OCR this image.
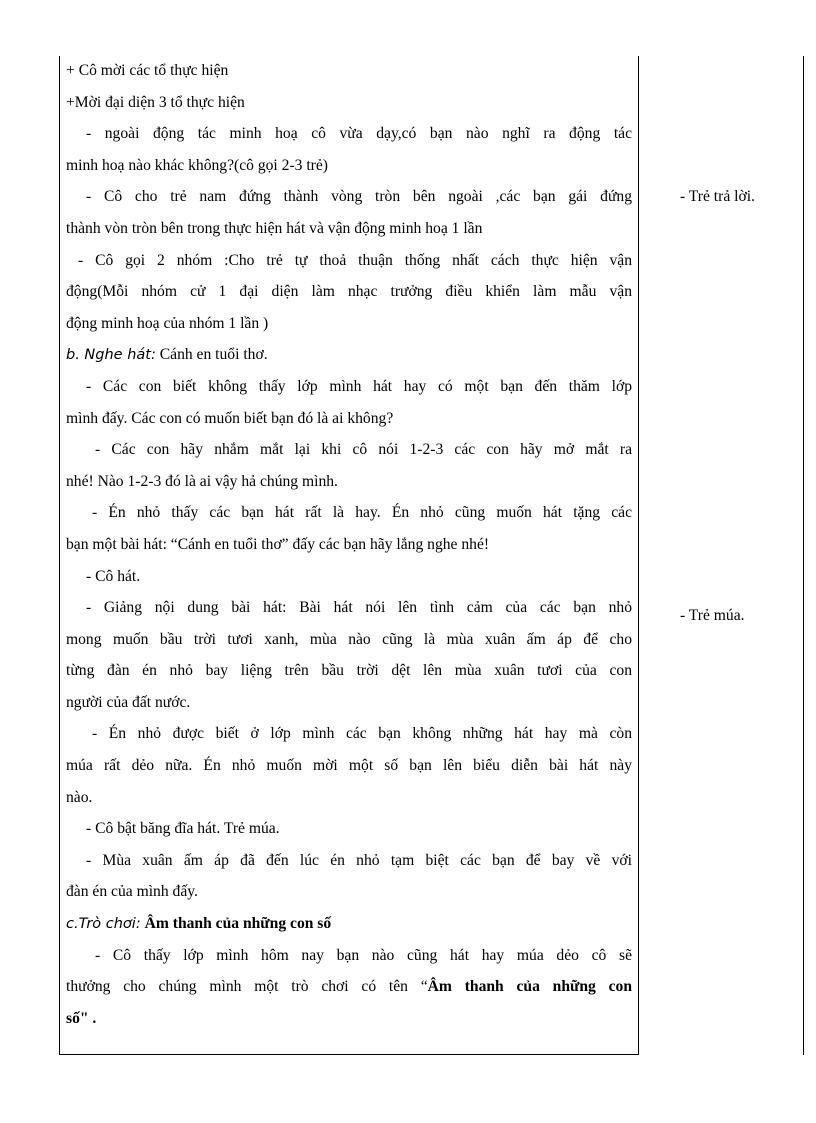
+ Cô mời các tổ thực hiện
+Mời đại diện 3 tổ thực hiện
- ngoài động tác minh hoạ cô vừa dạy,có bạn nào nghĩ ra động tác
minh hoạ nào khác không?(cô gọi 2-3 trẻ)
- Cô cho trẻ nam đứng thành vòng tròn bên ngoài ,các bạn gái đứng
thành vòn tròn bên trong thực hiện hát và vận động minh hoạ 1 lần
- Cô gọi 2 nhóm :Cho trẻ tự thoả thuận thống nhất cách thực hiện vận
động(Mỗi nhóm cử 1 đại diện làm nhạc trưởng điều khiển làm mẫu vận
động minh hoạ của nhóm 1 lần )
b. Nghe hát: Cánh en tuổi thơ.
- Các con biết không thấy lớp mình hát hay có một bạn đến thăm lớp
mình đấy. Các con có muốn biết bạn đó là ai không?
- Các con hãy nhắm mắt lại khi cô nói 1-2-3 các con hãy mở mắt ra
nhé! Nào 1-2-3 đó là ai vậy hả chúng mình.
- Én nhỏ thấy các bạn hát rất là hay. Én nhỏ cũng muốn hát tặng các
bạn một bài hát: “Cánh en tuổi thơ” đấy các bạn hãy lắng nghe nhé!
- Cô hát.
- Giảng nội dung bài hát: Bài hát nói lên tình cảm của các bạn nhỏ
mong muốn bầu trời tươi xanh, mùa nào cũng là mùa xuân ấm áp để cho
từng đàn én nhỏ bay liệng trên bầu trời dệt lên mùa xuân tươi của con
người của đất nước.
- Én nhỏ được biết ở lớp mình các bạn không những hát hay mà còn
múa rất dẻo nữa. Én nhỏ muốn mời một số bạn lên biểu diễn bài hát này
nào.
- Cô bật băng đĩa hát. Trẻ múa.
- Mùa xuân ấm áp đã đến lúc én nhỏ tạm biệt các bạn để bay về với
đàn én của mình đấy.
c.Trò chơi: Âm thanh của những con số
- Cô thấy lớp mình hôm nay bạn nào cũng hát hay múa dẻo cô sẽ
thưởng cho chúng mình một trò chơi có tên “Âm thanh của những con
số" .
- Trẻ trả lời.
- Trẻ múa.
